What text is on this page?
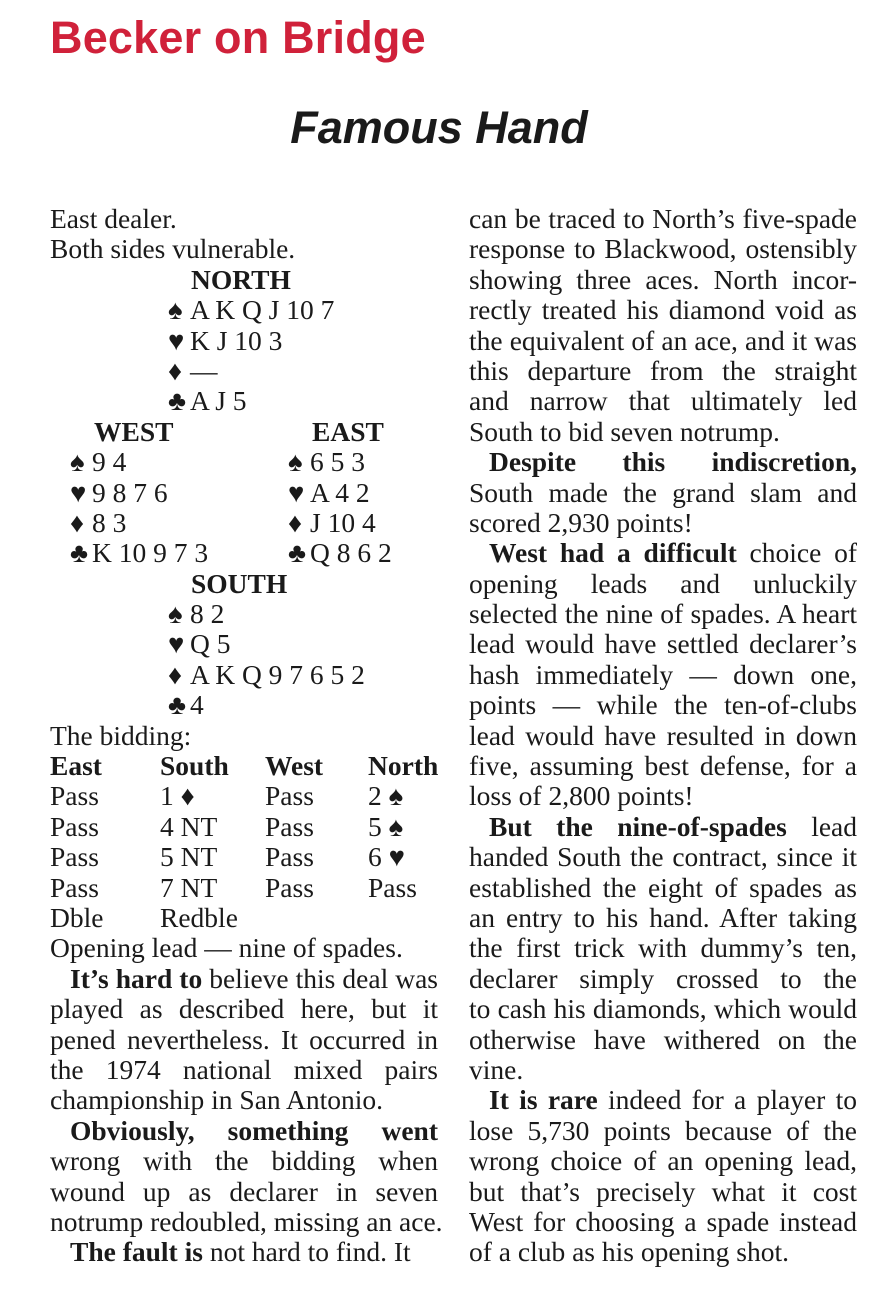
Becker on Bridge
Famous Hand
East dealer.
Both sides vulnerable.
NORTH
♠ A K Q J 10 7
♥ K J 10 3
♦ —
♣ A J 5
WEST	EAST
♠ 9 4	♠ 6 5 3
♥ 9 8 7 6	♥ A 4 2
♦ 8 3	♦ J 10 4
♣ K 10 9 7 3	♣ Q 8 6 2
SOUTH
♠ 8 2
♥ Q 5
♦ A K Q 9 7 6 5 2
♣ 4
The bidding:
East South West North
Pass 1 ♦	Pass 2 ♠
Pass 4 NT Pass 5 ♠
Pass 5 NT Pass 6 ♥
Pass 7 NT Pass Pass
Dble Redble
Opening lead — nine of spades.
It’s hard to believe this deal was
played as described here, but it
pened nevertheless. It occurred in
the 1974 national mixed pairs
championship in San Antonio.
Obviously, something went
wrong with the bidding when
wound up as declarer in seven
notrump redoubled, missing an ace.
The fault is not hard to find. It
can be traced to North’s five-spade
response to Blackwood, ostensibly
showing three aces. North incor-
rectly treated his diamond void as
the equivalent of an ace, and it was
this departure from the straight
and narrow that ultimately led
South to bid seven notrump.
Despite this indiscretion,
South made the grand slam and
scored 2,930 points!
West had a difficult choice of
opening leads and unluckily
selected the nine of spades. A heart
lead would have settled declarer’s
hash immediately — down one,
points — while the ten-of-clubs
lead would have resulted in down
five, assuming best defense, for a
loss of 2,800 points!
But the nine-of-spades lead
handed South the contract, since it
established the eight of spades as
an entry to his hand. After taking
the first trick with dummy’s ten,
declarer simply crossed to the
to cash his diamonds, which would
otherwise have withered on the
vine.
It is rare indeed for a player to
lose 5,730 points because of the
wrong choice of an opening lead,
but that’s precisely what it cost
West for choosing a spade instead
of a club as his opening shot.
